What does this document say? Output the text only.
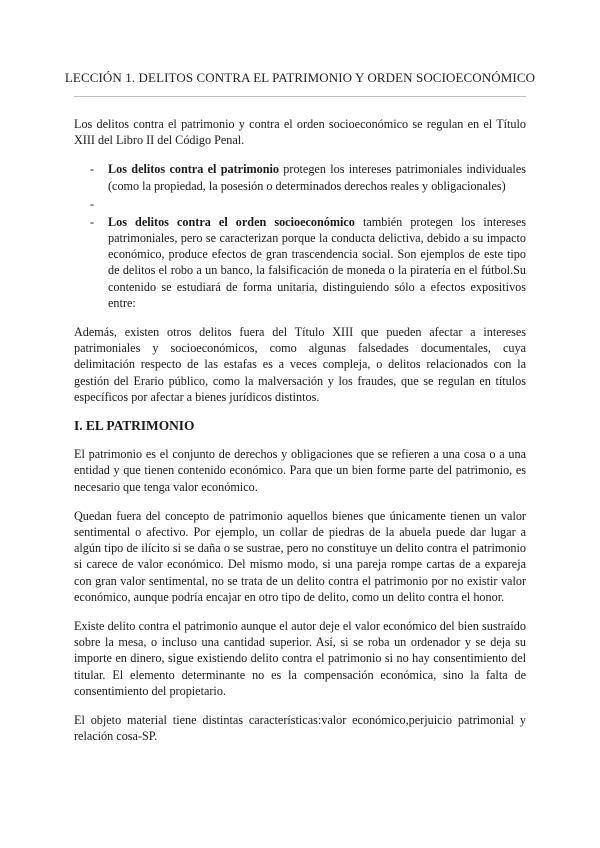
LECCIÓN 1. DELITOS CONTRA EL PATRIMONIO Y ORDEN SOCIOECONÓMICO

Los delitos contra el patrimonio y contra el orden socioeconómico se regulan en el Título XIII del Libro II del Código Penal.

- Los delitos contra el patrimonio protegen los intereses patrimoniales individuales (como la propiedad, la posesión o determinados derechos reales y obligacionales)
-
- Los delitos contra el orden socioeconómico también protegen los intereses patrimoniales, pero se caracterizan porque la conducta delictiva, debido a su impacto económico, produce efectos de gran trascendencia social. Son ejemplos de este tipo de delitos el robo a un banco, la falsificación de moneda o la piratería en el fútbol.Su contenido se estudiará de forma unitaria, distinguiendo sólo a efectos expositivos entre:

Además, existen otros delitos fuera del Título XIII que pueden afectar a intereses patrimoniales y socioeconómicos, como algunas falsedades documentales, cuya delimitación respecto de las estafas es a veces compleja, o delitos relacionados con la gestión del Erario público, como la malversación y los fraudes, que se regulan en títulos específicos por afectar a bienes jurídicos distintos.

I. EL PATRIMONIO

El patrimonio es el conjunto de derechos y obligaciones que se refieren a una cosa o a una entidad y que tienen contenido económico. Para que un bien forme parte del patrimonio, es necesario que tenga valor económico.

Quedan fuera del concepto de patrimonio aquellos bienes que únicamente tienen un valor sentimental o afectivo. Por ejemplo, un collar de piedras de la abuela puede dar lugar a algún tipo de ilícito si se daña o se sustrae, pero no constituye un delito contra el patrimonio si carece de valor económico. Del mismo modo, si una pareja rompe cartas de a expareja con gran valor sentimental, no se trata de un delito contra el patrimonio por no existir valor económico, aunque podría encajar en otro tipo de delito, como un delito contra el honor.

Existe delito contra el patrimonio aunque el autor deje el valor económico del bien sustraído sobre la mesa, o incluso una cantidad superior. Así, si se roba un ordenador y se deja su importe en dinero, sigue existiendo delito contra el patrimonio si no hay consentimiento del titular. El elemento determinante no es la compensación económica, sino la falta de consentimiento del propietario.

El objeto material tiene distintas características:valor económico,perjuicio patrimonial y relación cosa-SP.
